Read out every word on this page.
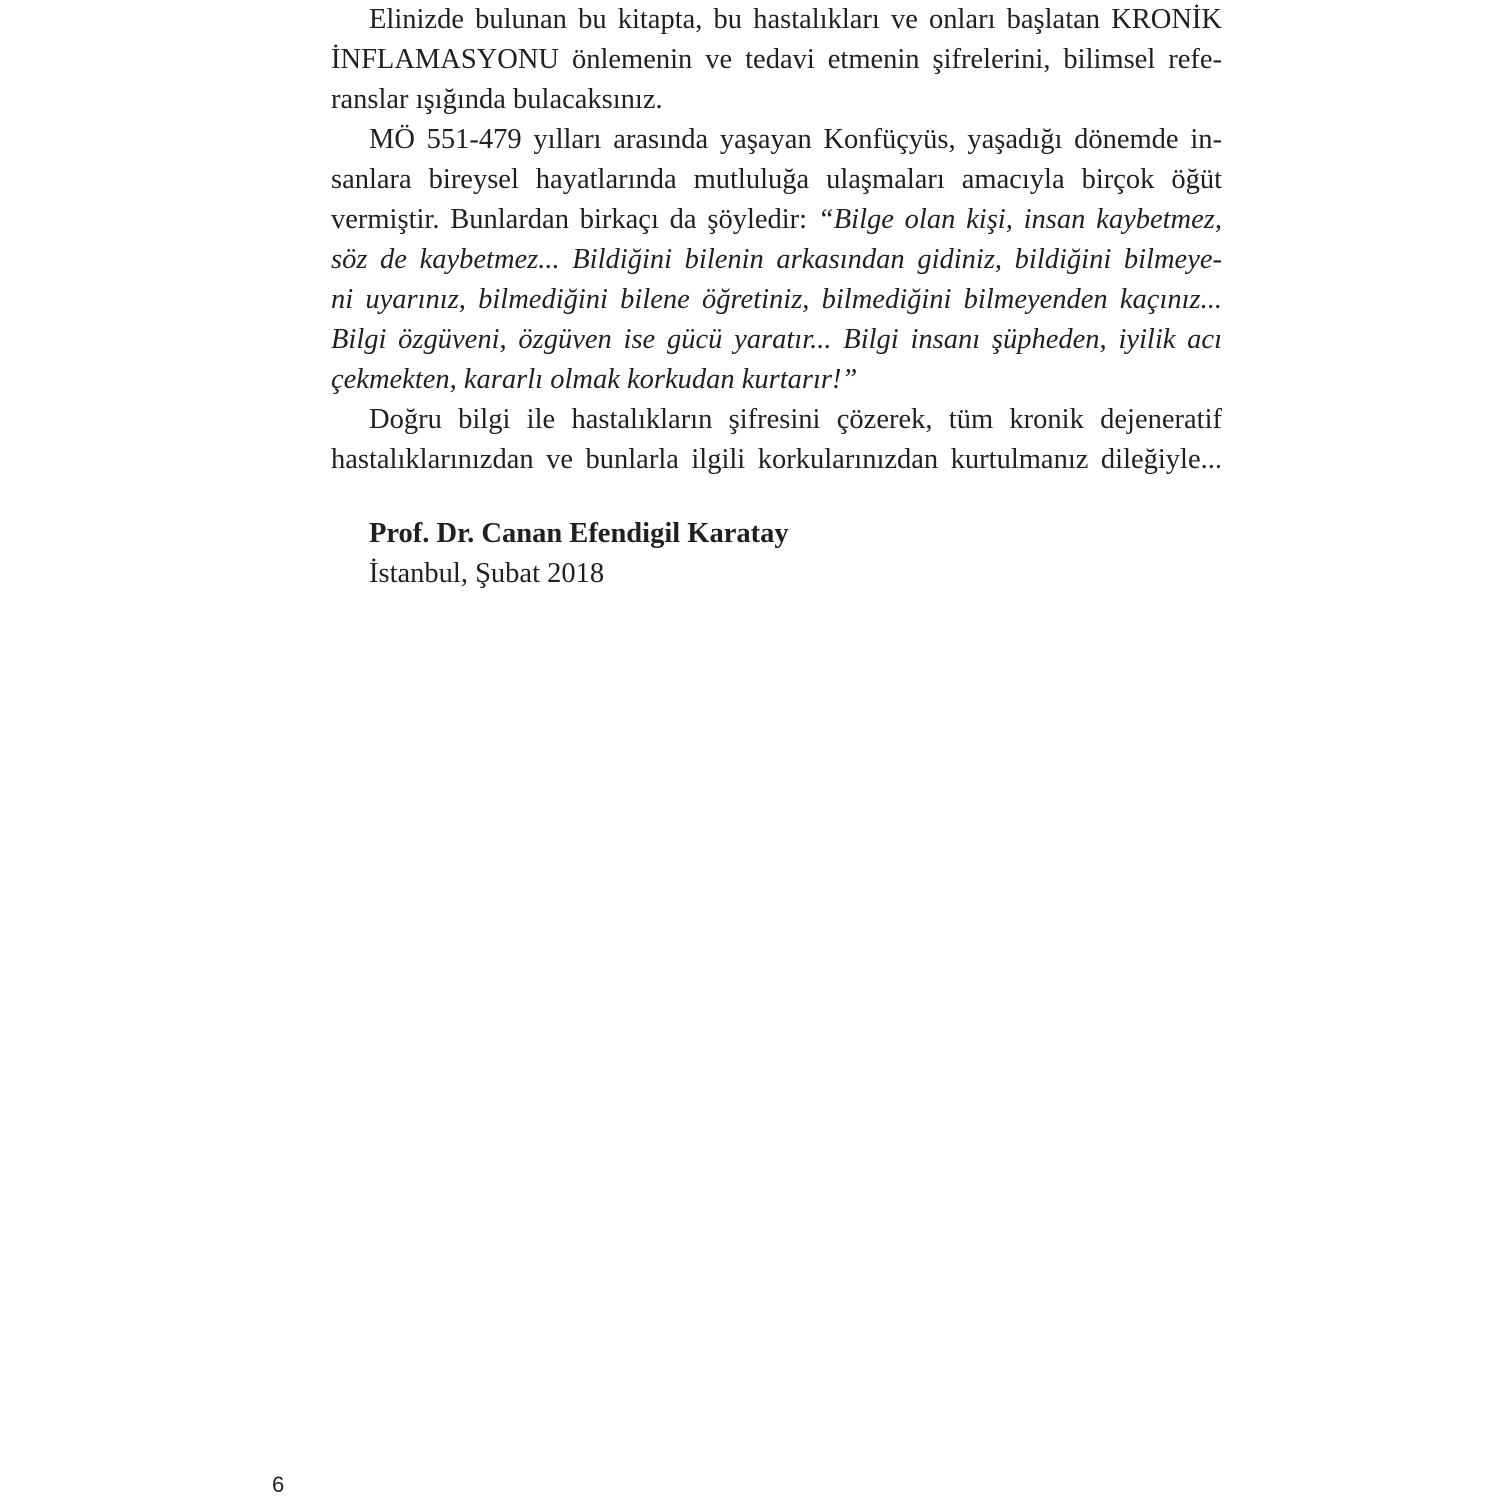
Elinizde bulunan bu kitapta, bu hastalıkları ve onları başlatan KRONİK
İNFLAMASYONU önlemenin ve tedavi etmenin şifrelerini, bilimsel refe-
ranslar ışığında bulacaksınız.
MÖ 551-479 yılları arasında yaşayan Konfüçyüs, yaşadığı dönemde in-
sanlara bireysel hayatlarında mutluluğa ulaşmaları amacıyla birçok öğüt
vermiştir. Bunlardan birkaçı da şöyledir: “Bilge olan kişi, insan kaybetmez,
söz de kaybetmez... Bildiğini bilenin arkasından gidiniz, bildiğini bilmeye-
ni uyarınız, bilmediğini bilene öğretiniz, bilmediğini bilmeyenden kaçınız...
Bilgi özgüveni, özgüven ise gücü yaratır... Bilgi insanı şüpheden, iyilik acı
çekmekten, kararlı olmak korkudan kurtarır!”
Doğru bilgi ile hastalıkların şifresini çözerek, tüm kronik dejeneratif
hastalıklarınızdan ve bunlarla ilgili korkularınızdan kurtulmanız dileğiyle...
Prof. Dr. Canan Efendigil Karatay
İstanbul, Şubat 2018
6
